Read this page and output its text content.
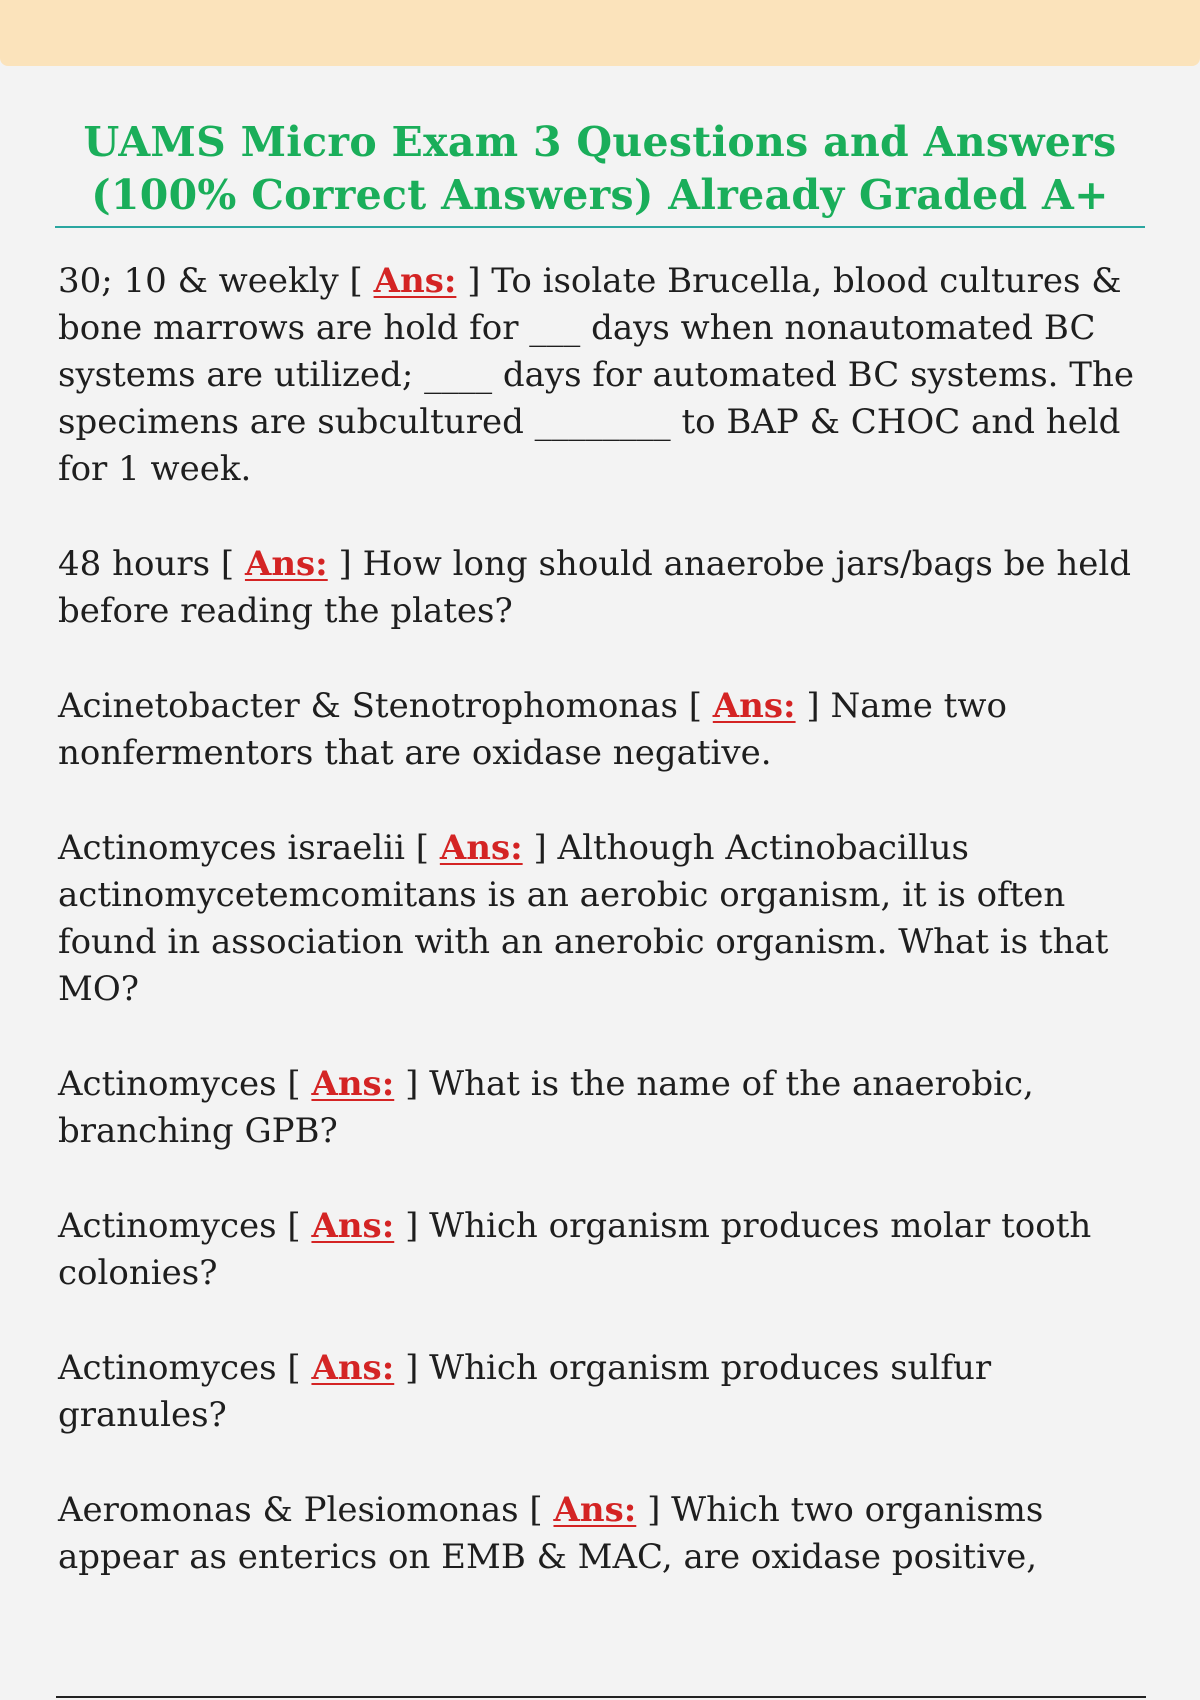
UAMS Micro Exam 3 Questions and Answers (100% Correct Answers) Already Graded A+
30; 10 & weekly [ Ans: ] To isolate Brucella, blood cultures & bone marrows are hold for ___ days when nonautomated BC systems are utilized; ____ days for automated BC systems. The specimens are subcultured ________ to BAP & CHOC and held for 1 week.
48 hours [ Ans: ] How long should anaerobe jars/bags be held before reading the plates?
Acinetobacter & Stenotrophomonas [ Ans: ] Name two nonfermentors that are oxidase negative.
Actinomyces israelii [ Ans: ] Although Actinobacillus actinomycetemcomitans is an aerobic organism, it is often found in association with an anerobic organism. What is that MO?
Actinomyces [ Ans: ] What is the name of the anaerobic, branching GPB?
Actinomyces [ Ans: ] Which organism produces molar tooth colonies?
Actinomyces [ Ans: ] Which organism produces sulfur granules?
Aeromonas & Plesiomonas [ Ans: ] Which two organisms appear as enterics on EMB & MAC, are oxidase positive,
